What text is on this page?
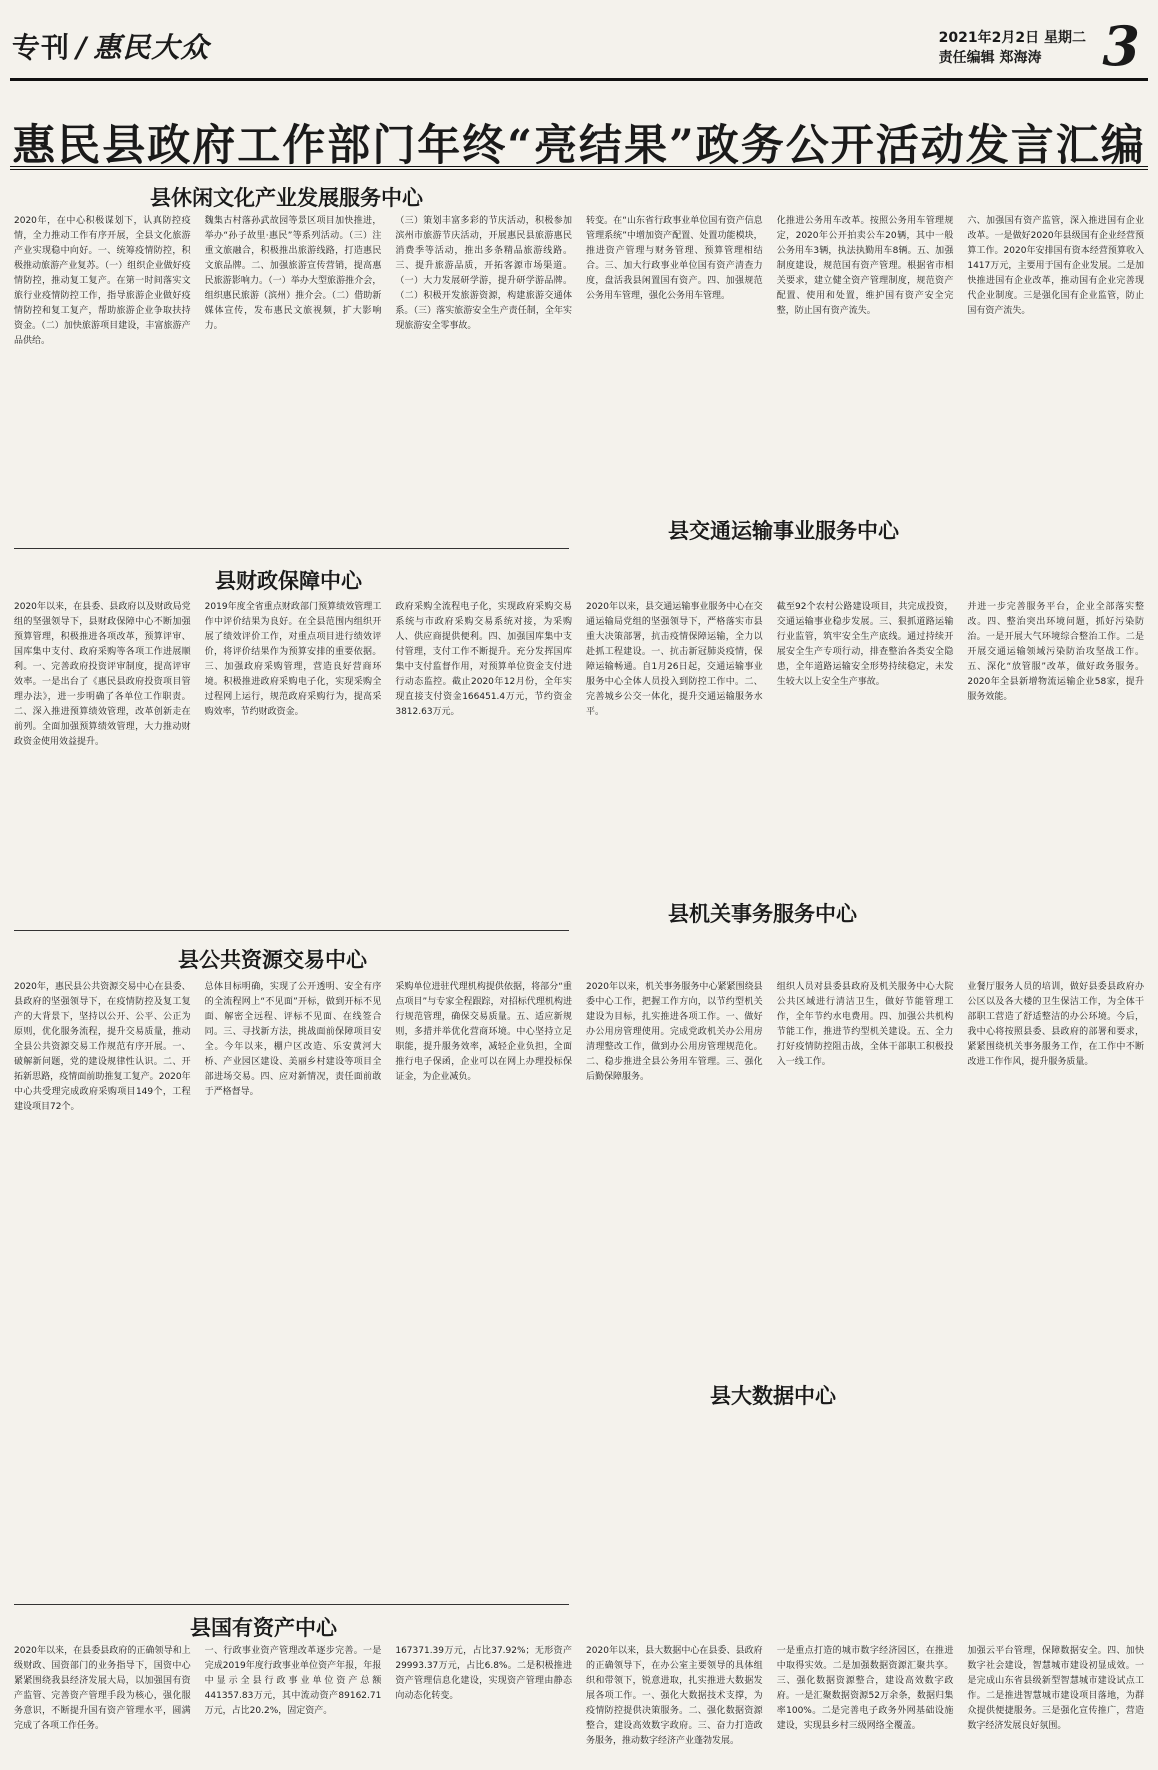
专刊 / 惠民大众	2021年2月2日 星期二
责任编辑 郑海涛	3
惠民县政府工作部门年终“亮结果”政务公开活动发言汇编
县休闲文化产业发展服务中心
2020年，在中心积极谋划下，认真防控疫情，全力推动工作有序开展，全县文化旅游产业实现稳中向好。一、统筹疫情防控，积极推动旅游产业复苏。（一）组织企业做好疫情防控，推动复工复产。在第一时间落实文旅行业疫情防控工作，指导旅游企业做好疫情防控和复工复产，帮助旅游企业争取扶持资金。（二）加快旅游项目建设，丰富旅游产品供给。
魏集古村落孙武故园等景区项目加快推进，举办“孙子故里·惠民”等系列活动。（三）注重文旅融合，积极推出旅游线路，打造惠民文旅品牌。二、加强旅游宣传营销，提高惠民旅游影响力。（一）举办大型旅游推介会，组织惠民旅游（滨州）推介会。（二）借助新媒体宣传，发布惠民文旅视频，扩大影响力。
（三）策划丰富多彩的节庆活动，积极参加滨州市旅游节庆活动，开展惠民县旅游惠民消费季等活动，推出多条精品旅游线路。三、提升旅游品质，开拓客源市场渠道。（一）大力发展研学游，提升研学游品牌。（二）积极开发旅游资源，构建旅游交通体系。（三）落实旅游安全生产责任制，全年实现旅游安全零事故。
转变。在“山东省行政事业单位国有资产信息管理系统”中增加资产配置、处置功能模块，推进资产管理与财务管理、预算管理相结合。三、加大行政事业单位国有资产清查力度，盘活我县闲置国有资产。四、加强规范公务用车管理，强化公务用车管理。
化推进公务用车改革。按照公务用车管理规定，2020年公开拍卖公车20辆，其中一般公务用车3辆，执法执勤用车8辆。五、加强制度建设，规范国有资产管理。根据省市相关要求，建立健全资产管理制度，规范资产配置、使用和处置，维护国有资产安全完整，防止国有资产流失。
六、加强国有资产监管，深入推进国有企业改革。一是做好2020年县级国有企业经营预算工作。2020年安排国有资本经营预算收入1417万元，主要用于国有企业发展。二是加快推进国有企业改革，推动国有企业完善现代企业制度。三是强化国有企业监管，防止国有资产流失。
县交通运输事业服务中心
县财政保障中心
2020年以来，在县委、县政府以及财政局党组的坚强领导下，县财政保障中心不断加强预算管理，积极推进各项改革，预算评审、国库集中支付、政府采购等各项工作进展顺利。一、完善政府投资评审制度，提高评审效率。一是出台了《惠民县政府投资项目管理办法》，进一步明确了各单位工作职责。二、深入推进预算绩效管理，改革创新走在前列。全面加强预算绩效管理，大力推动财政资金使用效益提升。
2019年度全省重点财政部门预算绩效管理工作中评价结果为良好。在全县范围内组织开展了绩效评价工作，对重点项目进行绩效评价，将评价结果作为预算安排的重要依据。三、加强政府采购管理，营造良好营商环境。积极推进政府采购电子化，实现采购全过程网上运行，规范政府采购行为，提高采购效率，节约财政资金。
政府采购全流程电子化，实现政府采购交易系统与市政府采购交易系统对接，为采购人、供应商提供便利。四、加强国库集中支付管理，支付工作不断提升。充分发挥国库集中支付监督作用，对预算单位资金支付进行动态监控。截止2020年12月份，全年实现直接支付资金166451.4万元，节约资金3812.63万元。
2020年以来，县交通运输事业服务中心在交通运输局党组的坚强领导下，严格落实市县重大决策部署，抗击疫情保障运输，全力以赴抓工程建设。一、抗击新冠肺炎疫情，保障运输畅通。自1月26日起，交通运输事业服务中心全体人员投入到防控工作中。二、完善城乡公交一体化，提升交通运输服务水平。
截至92个农村公路建设项目，共完成投资，交通运输事业稳步发展。三、狠抓道路运输行业监管，筑牢安全生产底线。通过持续开展安全生产专项行动，排查整治各类安全隐患，全年道路运输安全形势持续稳定，未发生较大以上安全生产事故。
并进一步完善服务平台，企业全部落实整改。四、整治突出环境问题，抓好污染防治。一是开展大气环境综合整治工作。二是开展交通运输领域污染防治攻坚战工作。五、深化“放管服”改革，做好政务服务。2020年全县新增物流运输企业58家，提升服务效能。
县机关事务服务中心
县公共资源交易中心
2020年，惠民县公共资源交易中心在县委、县政府的坚强领导下，在疫情防控及复工复产的大背景下，坚持以公开、公平、公正为原则，优化服务流程，提升交易质量，推动全县公共资源交易工作规范有序开展。一、破解新问题，党的建设规律性认识。二、开拓新思路，疫情面前助推复工复产。2020年中心共受理完成政府采购项目149个，工程建设项目72个。
总体目标明确，实现了公开透明、安全有序的全流程网上“不见面”开标，做到开标不见面、解密全远程、评标不见面、在线签合同。三、寻找新方法，挑战面前保障项目安全。今年以来，棚户区改造、乐安黄河大桥、产业园区建设、美丽乡村建设等项目全部进场交易。四、应对新情况，责任面前敢于严格督导。
采购单位进驻代理机构提供依据，将部分“重点项目”与专家全程跟踪，对招标代理机构进行规范管理，确保交易质量。五、适应新规则，多措并举优化营商环境。中心坚持立足职能，提升服务效率，减轻企业负担，全面推行电子保函，企业可以在网上办理投标保证金，为企业减负。
2020年以来，机关事务服务中心紧紧围绕县委中心工作，把握工作方向，以节约型机关建设为目标，扎实推进各项工作。一、做好办公用房管理使用。完成党政机关办公用房清理整改工作，做到办公用房管理规范化。二、稳步推进全县公务用车管理。三、强化后勤保障服务。
组织人员对县委县政府及机关服务中心大院公共区域进行清洁卫生，做好节能管理工作，全年节约水电费用。四、加强公共机构节能工作，推进节约型机关建设。五、全力打好疫情防控阻击战，全体干部职工积极投入一线工作。
业餐厅服务人员的培训，做好县委县政府办公区以及各大楼的卫生保洁工作，为全体干部职工营造了舒适整洁的办公环境。今后，我中心将按照县委、县政府的部署和要求，紧紧围绕机关事务服务工作，在工作中不断改进工作作风，提升服务质量。
县大数据中心
县国有资产中心
2020年以来，在县委县政府的正确领导和上级财政、国资部门的业务指导下，国资中心紧紧围绕我县经济发展大局，以加强国有资产监管、完善资产管理手段为核心，强化服务意识，不断提升国有资产管理水平，圆满完成了各项工作任务。
一、行政事业资产管理改革逐步完善。一是完成2019年度行政事业单位资产年报，年报中显示全县行政事业单位资产总额441357.83万元，其中流动资产89162.71万元，占比20.2%，固定资产。
167371.39万元，占比37.92%；无形资产29993.37万元，占比6.8%。二是积极推进资产管理信息化建设，实现资产管理由静态向动态化转变。
2020年以来，县大数据中心在县委、县政府的正确领导下，在办公室主要领导的具体组织和带领下，锐意进取，扎实推进大数据发展各项工作。一、强化大数据技术支撑，为疫情防控提供决策服务。二、强化数据资源整合，建设高效数字政府。三、奋力打造政务服务，推动数字经济产业蓬勃发展。
一是重点打造的城市数字经济园区，在推进中取得实效。二是加强数据资源汇聚共享。三、强化数据资源整合，建设高效数字政府。一是汇聚数据资源52万余条，数据归集率100%。二是完善电子政务外网基础设施建设，实现县乡村三级网络全覆盖。
加强云平台管理，保障数据安全。四、加快数字社会建设，智慧城市建设初显成效。一是完成山东省县级新型智慧城市建设试点工作。二是推进智慧城市建设项目落地，为群众提供便捷服务。三是强化宣传推广，营造数字经济发展良好氛围。
